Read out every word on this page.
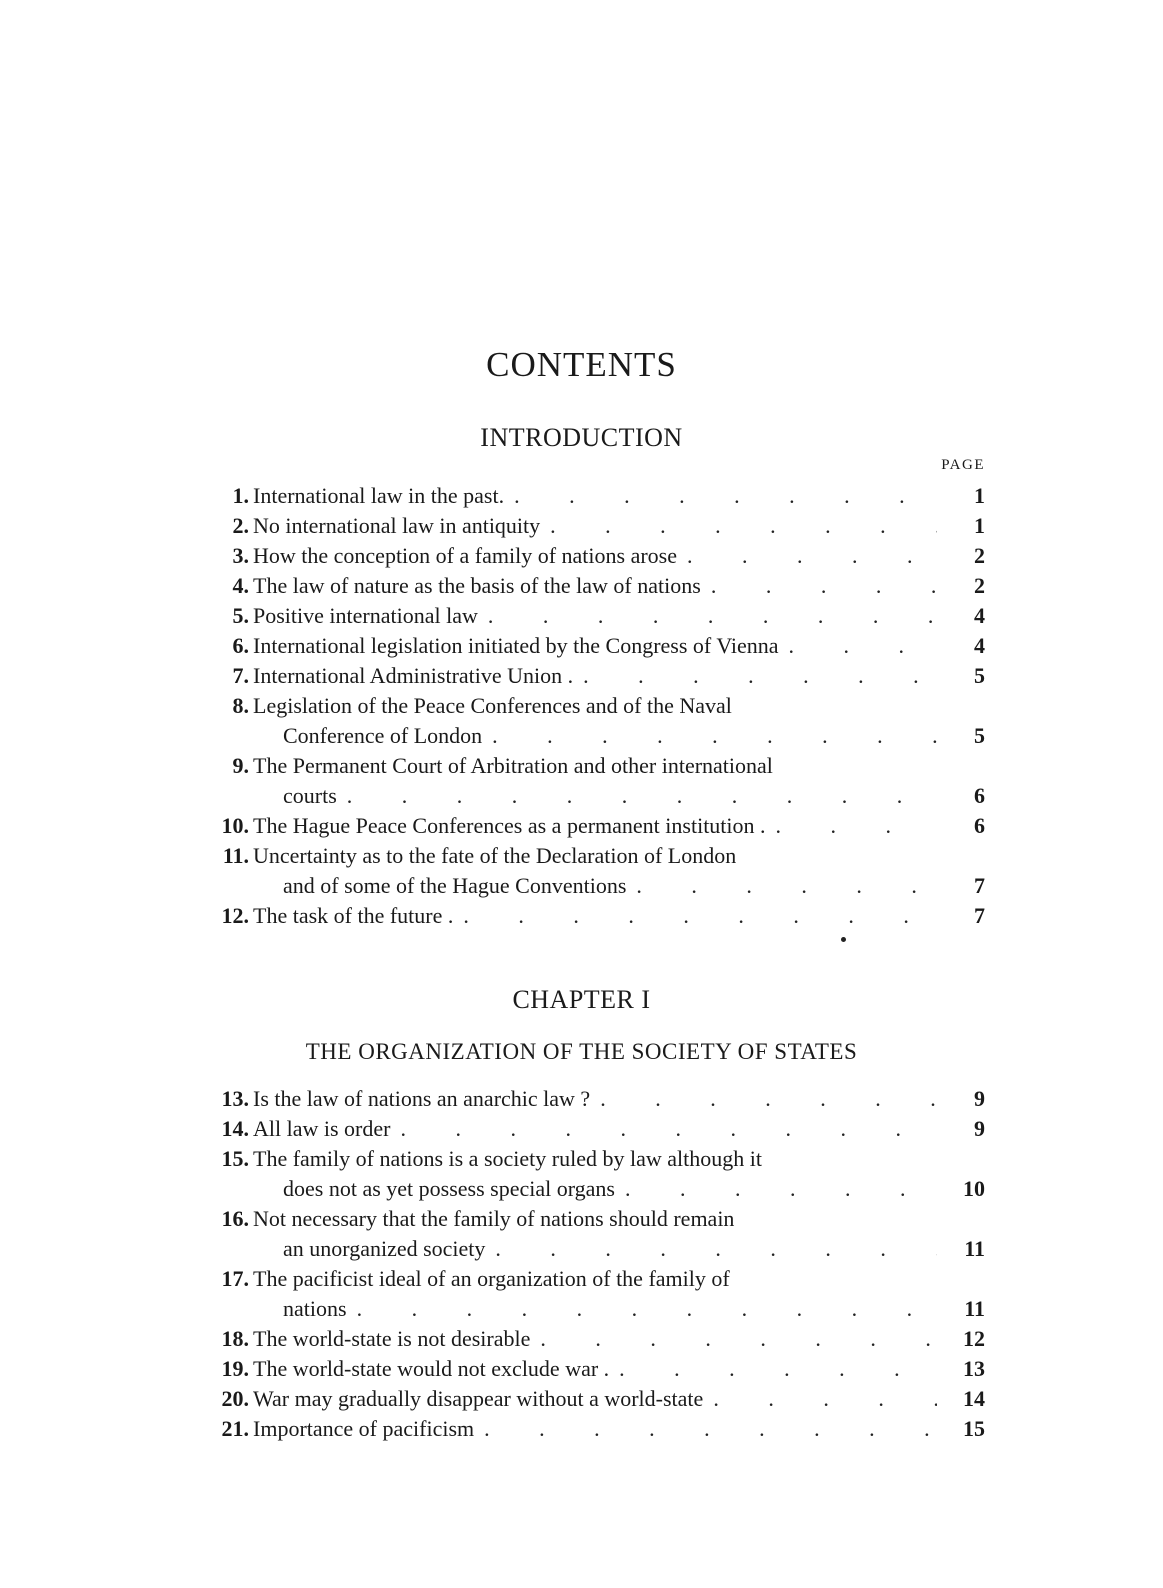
CONTENTS
INTRODUCTION
PAGE
1. International law in the past. . . .	1
2. No international law in antiquity . . .	1
3. How the conception of a family of nations arose . . .	2
4. The law of nature as the basis of the law of nations . . .	2
5. Positive international law . . .	4
6. International legislation initiated by the Congress of Vienna . . .	4
7. International Administrative Union . . . .	5
8. Legislation of the Peace Conferences and of the Naval
Conference of London . . .	5
9. The Permanent Court of Arbitration and other international
courts . . .	6
10. The Hague Peace Conferences as a permanent institution . . . .	6
11. Uncertainty as to the fate of the Declaration of London
and of some of the Hague Conventions . . .	7
12. The task of the future . . . .	7
CHAPTER I
THE ORGANIZATION OF THE SOCIETY OF STATES
13. Is the law of nations an anarchic law ? . . .	9
14. All law is order . . .	9
15. The family of nations is a society ruled by law although it
does not as yet possess special organs . . .	10
16. Not necessary that the family of nations should remain
an unorganized society . . .	11
17. The pacificist ideal of an organization of the family of
nations . . .	11
18. The world-state is not desirable . . .	12
19. The world-state would not exclude war . . . .	13
20. War may gradually disappear without a world-state . . .	14
21. Importance of pacificism . . .	15
